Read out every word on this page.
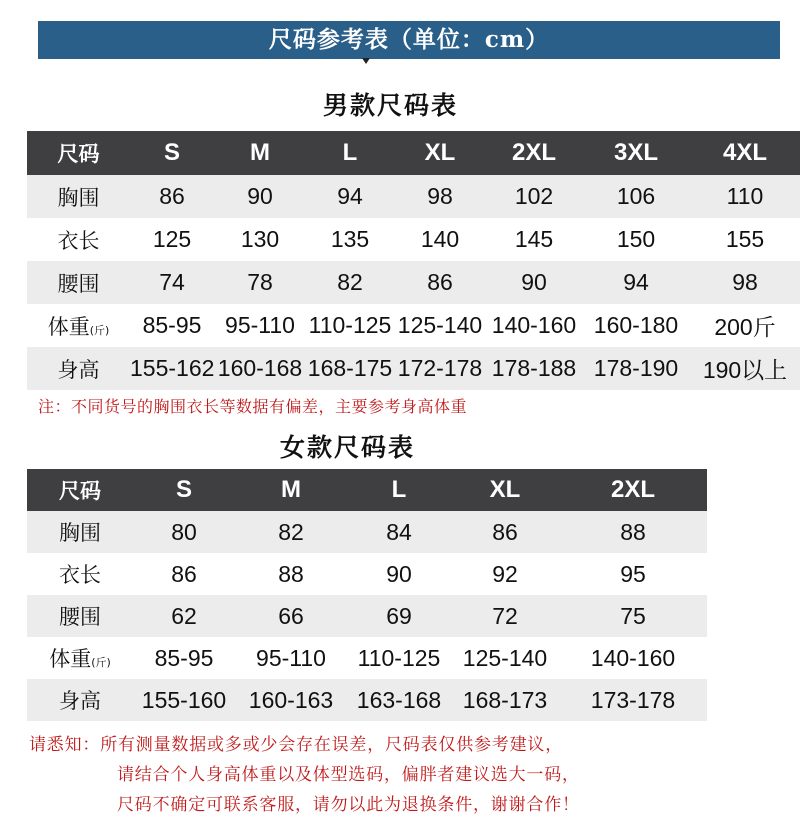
尺码参考表（单位：cm）
男款尺码表
尺码	S	M	L	XL	2XL	3XL	4XL
胸围	86	90	94	98	102	106	110
衣长	125	130	135	140	145	150	155
腰围	74	78	82	86	90	94	98
体重(斤)	85-95	95-110	110-125	125-140	140-160	160-180	200斤
身高	155-162	160-168	168-175	172-178	178-188	178-190	190以上
注：不同货号的胸围衣长等数据有偏差，主要参考身高体重
女款尺码表
尺码	S	M	L	XL	2XL
胸围	80	82	84	86	88
衣长	86	88	90	92	95
腰围	62	66	69	72	75
体重(斤)	85-95	95-110	110-125	125-140	140-160
身高	155-160	160-163	163-168	168-173	173-178
请悉知：所有测量数据或多或少会存在误差，尺码表仅供参考建议，
请结合个人身高体重以及体型选码，偏胖者建议选大一码，
尺码不确定可联系客服，请勿以此为退换条件，谢谢合作！
